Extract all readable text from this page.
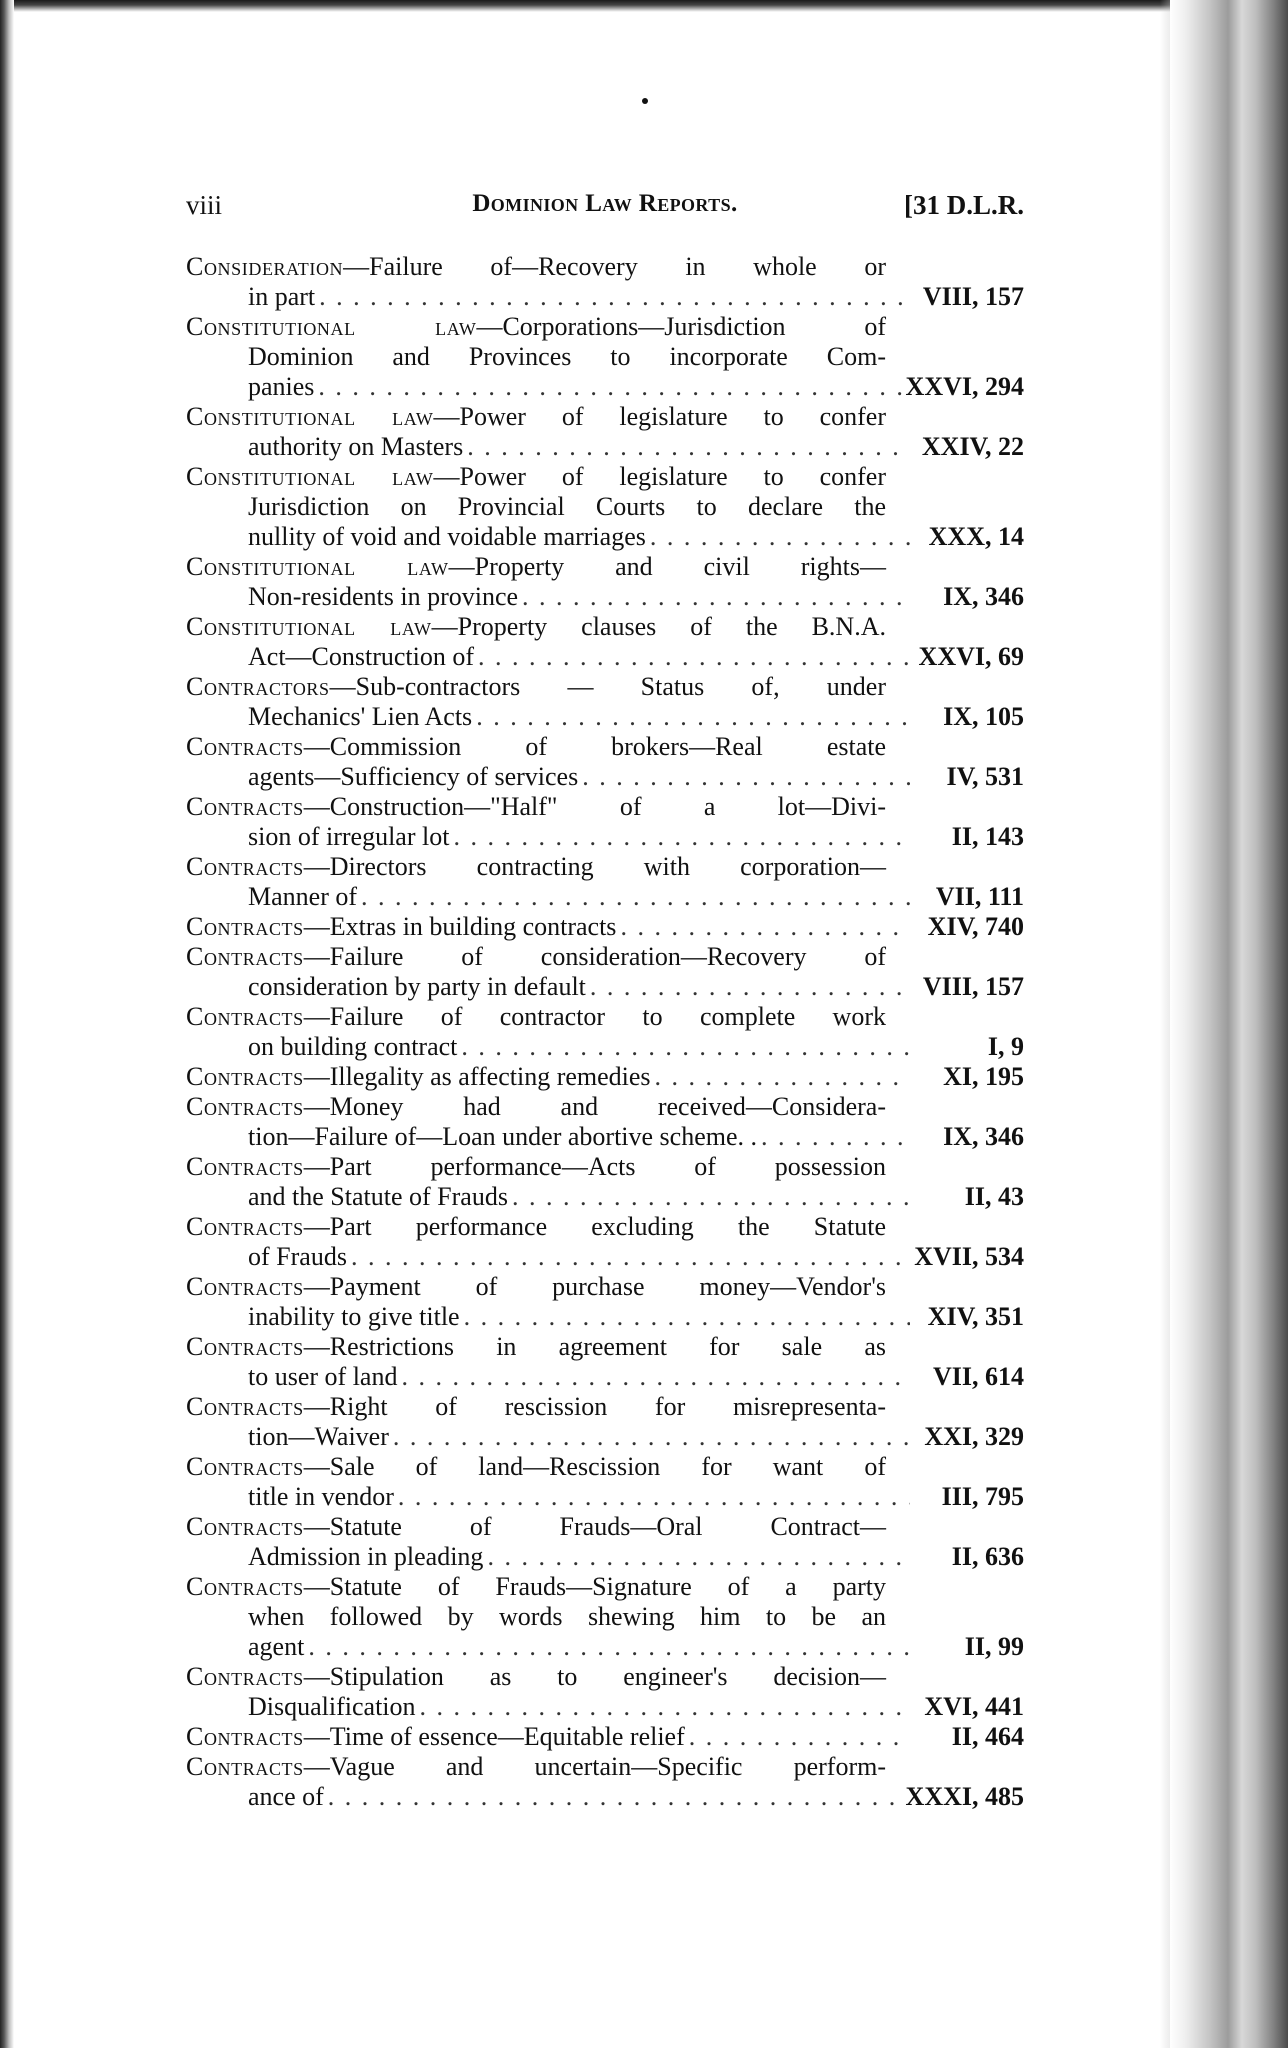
viii	Dominion Law Reports.	[31 D.L.R.
Consideration—Failure of—Recovery in whole or
in part . . .	VIII, 157
Constitutional law—Corporations—Jurisdiction of
Dominion and Provinces to incorporate Com-
panies . . .	XXVI, 294
Constitutional law—Power of legislature to confer
authority on Masters . . .	XXIV, 22
Constitutional law—Power of legislature to confer
Jurisdiction on Provincial Courts to declare the
nullity of void and voidable marriages . . .	XXX, 14
Constitutional law—Property and civil rights—
Non-residents in province . . .	IX, 346
Constitutional law—Property clauses of the B.N.A.
Act—Construction of . . .	XXVI, 69
Contractors—Sub-contractors — Status of, under
Mechanics' Lien Acts . . .	IX, 105
Contracts—Commission of brokers—Real estate
agents—Sufficiency of services . . .	IV, 531
Contracts—Construction—"Half" of a lot—Divi-
sion of irregular lot . . .	II, 143
Contracts—Directors contracting with corporation—
Manner of . . .	VII, 111
Contracts—Extras in building contracts . . .	XIV, 740
Contracts—Failure of consideration—Recovery of
consideration by party in default . . .	VIII, 157
Contracts—Failure of contractor to complete work
on building contract . . .	I, 9
Contracts—Illegality as affecting remedies . . .	XI, 195
Contracts—Money had and received—Considera-
tion—Failure of—Loan under abortive scheme. . . . .	IX, 346
Contracts—Part performance—Acts of possession
and the Statute of Frauds . . .	II, 43
Contracts—Part performance excluding the Statute
of Frauds . . .	XVII, 534
Contracts—Payment of purchase money—Vendor's
inability to give title . . .	XIV, 351
Contracts—Restrictions in agreement for sale as
to user of land . . .	VII, 614
Contracts—Right of rescission for misrepresenta-
tion—Waiver . . .	XXI, 329
Contracts—Sale of land—Rescission for want of
title in vendor . . .	III, 795
Contracts—Statute of Frauds—Oral Contract—
Admission in pleading . . .	II, 636
Contracts—Statute of Frauds—Signature of a party
when followed by words shewing him to be an
agent . . .	II, 99
Contracts—Stipulation as to engineer's decision—
Disqualification . . .	XVI, 441
Contracts—Time of essence—Equitable relief . . .	II, 464
Contracts—Vague and uncertain—Specific perform-
ance of . . .	XXXI, 485
